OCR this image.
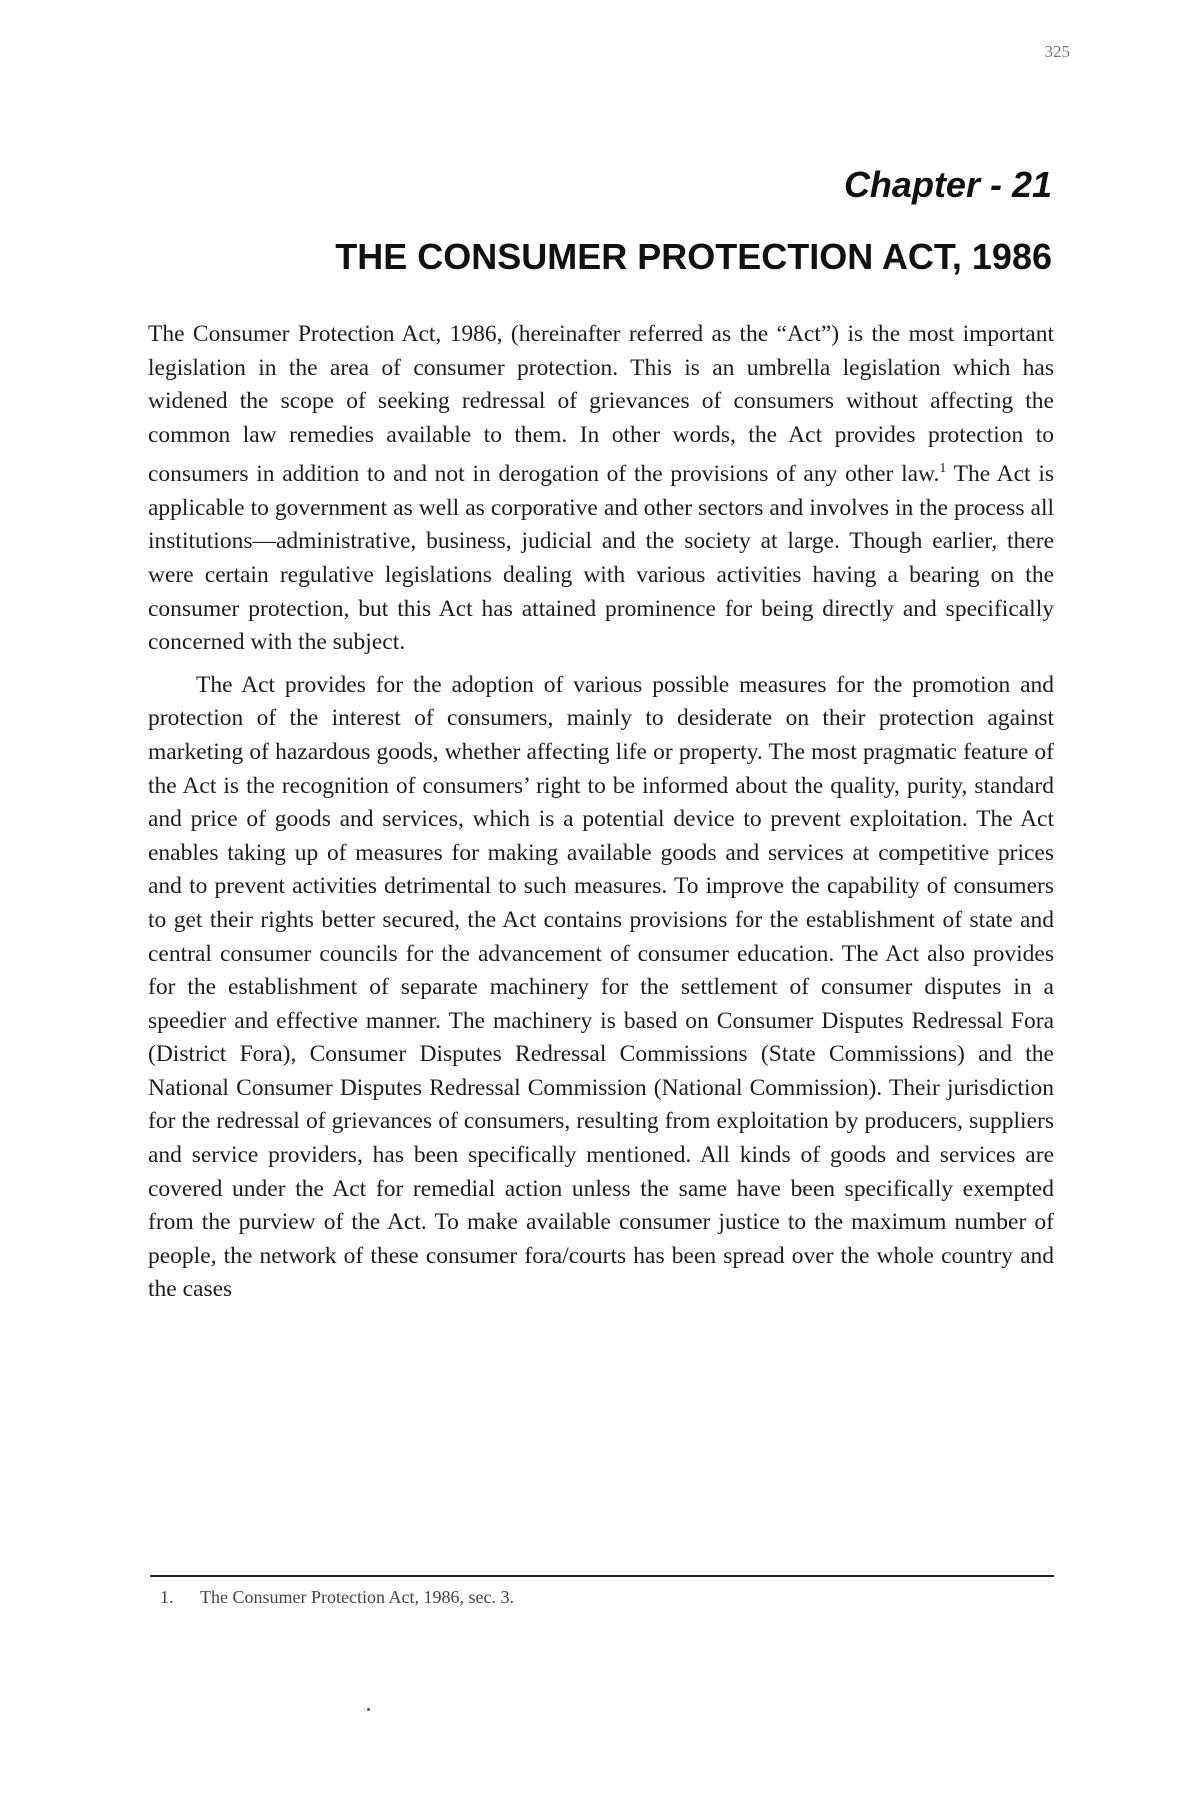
325
Chapter - 21
THE CONSUMER PROTECTION ACT, 1986

The Consumer Protection Act, 1986, (hereinafter referred as the “Act”) is the most important legislation in the area of consumer protection. This is an umbrella legislation which has widened the scope of seeking redressal of grievances of consumers without affecting the common law remedies available to them. In other words, the Act provides protection to consumers in addition to and not in derogation of the provisions of any other law.$^1$ The Act is applicable to government as well as corporative and other sectors and involves in the process all institutions—administrative, business, judicial and the society at large. Though earlier, there were certain regulative legislations dealing with various activities having a bearing on the consumer protection, but this Act has attained prominence for being directly and specifically concerned with the subject.

The Act provides for the adoption of various possible measures for the promotion and protection of the interest of consumers, mainly to desiderate on their protection against marketing of hazardous goods, whether affecting life or property. The most pragmatic feature of the Act is the recognition of consumers’ right to be informed about the quality, purity, standard and price of goods and services, which is a potential device to prevent exploitation. The Act enables taking up of measures for making available goods and services at competitive prices and to prevent activities detrimental to such measures. To improve the capability of consumers to get their rights better secured, the Act contains provisions for the establishment of state and central consumer councils for the advancement of consumer education. The Act also provides for the establishment of separate machinery for the settlement of consumer disputes in a speedier and effective manner. The machinery is based on Consumer Disputes Redressal Fora (District Fora), Consumer Disputes Redressal Commissions (State Commissions) and the National Consumer Disputes Redressal Commission (National Commission). Their jurisdiction for the redressal of grievances of consumers, resulting from exploitation by producers, suppliers and service providers, has been specifically mentioned. All kinds of goods and services are covered under the Act for remedial action unless the same have been specifically exempted from the purview of the Act. To make available consumer justice to the maximum number of people, the network of these consumer fora/courts has been spread over the whole country and the cases

1. The Consumer Protection Act, 1986, sec. 3.
